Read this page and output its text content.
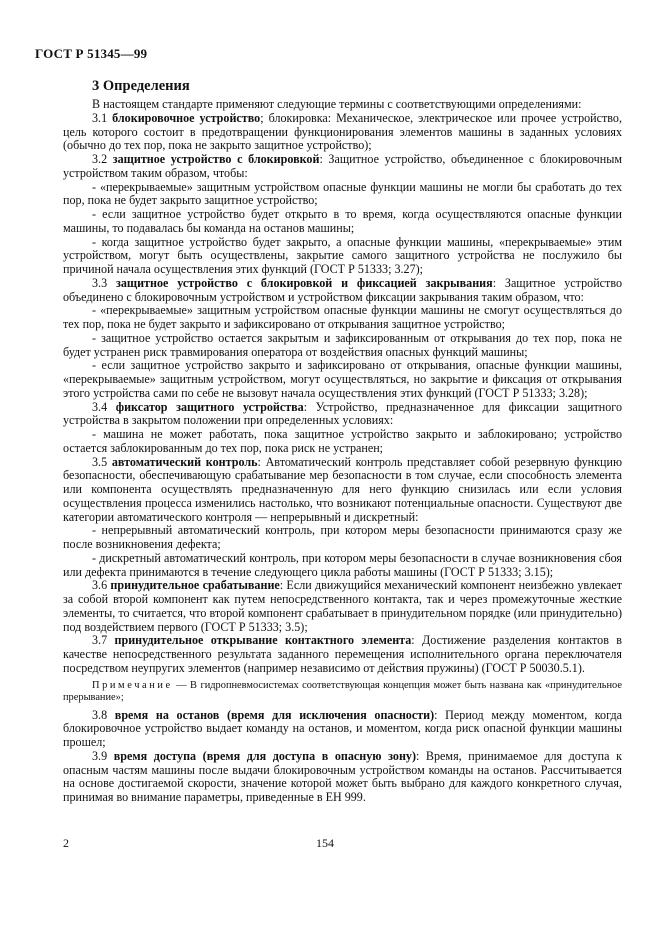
ГОСТ Р 51345—99
3 Определения

В настоящем стандарте применяют следующие термины с соответствующими определениями:

3.1 блокировочное устройство; блокировка: Механическое, электрическое или прочее устройство, цель которого состоит в предотвращении функционирования элементов машины в заданных условиях (обычно до тех пор, пока не закрыто защитное устройство);

3.2 защитное устройство с блокировкой: Защитное устройство, объединенное с блокировочным устройством таким образом, чтобы:

- «перекрываемые» защитным устройством опасные функции машины не могли бы сработать до тех пор, пока не будет закрыто защитное устройство;

- если защитное устройство будет открыто в то время, когда осуществляются опасные функции машины, то подавалась бы команда на останов машины;

- когда защитное устройство будет закрыто, а опасные функции машины, «перекрываемые» этим устройством, могут быть осуществлены, закрытие самого защитного устройства не послужило бы причиной начала осуществления этих функций (ГОСТ Р 51333; 3.27);

3.3 защитное устройство с блокировкой и фиксацией закрывания: Защитное устройство объединено с блокировочным устройством и устройством фиксации закрывания таким образом, что:

- «перекрываемые» защитным устройством опасные функции машины не смогут осуществляться до тех пор, пока не будет закрыто и зафиксировано от открывания защитное устройство;

- защитное устройство остается закрытым и зафиксированным от открывания до тех пор, пока не будет устранен риск травмирования оператора от воздействия опасных функций машины;

- если защитное устройство закрыто и зафиксировано от открывания, опасные функции машины, «перекрываемые» защитным устройством, могут осуществляться, но закрытие и фиксация от открывания этого устройства сами по себе не вызовут начала осуществления этих функций (ГОСТ Р 51333; 3.28);

3.4 фиксатор защитного устройства: Устройство, предназначенное для фиксации защитного устройства в закрытом положении при определенных условиях:

- машина не может работать, пока защитное устройство закрыто и заблокировано; устройство остается заблокированным до тех пор, пока риск не устранен;

3.5 автоматический контроль: Автоматический контроль представляет собой резервную функцию безопасности, обеспечивающую срабатывание мер безопасности в том случае, если способность элемента или компонента осуществлять предназначенную для него функцию снизилась или если условия осуществления процесса изменились настолько, что возникают потенциальные опасности. Существуют две категории автоматического контроля — непрерывный и дискретный:

- непрерывный автоматический контроль, при котором меры безопасности принимаются сразу же после возникновения дефекта;

- дискретный автоматический контроль, при котором меры безопасности в случае возникновения сбоя или дефекта принимаются в течение следующего цикла работы машины (ГОСТ Р 51333; 3.15);

3.6 принудительное срабатывание: Если движущийся механический компонент неизбежно увлекает за собой второй компонент как путем непосредственного контакта, так и через промежуточные жесткие элементы, то считается, что второй компонент срабатывает в принудительном порядке (или принудительно) под воздействием первого (ГОСТ Р 51333; 3.5);

3.7 принудительное открывание контактного элемента: Достижение разделения контактов в качестве непосредственного результата заданного перемещения исполнительного органа переключателя посредством неупругих элементов (например независимо от действия пружины) (ГОСТ Р 50030.5.1).

Примечание — В гидропневмосистемах соответствующая концепция может быть названа как «принудительное прерывание»;

3.8 время на останов (время для исключения опасности): Период между моментом, когда блокировочное устройство выдает команду на останов, и моментом, когда риск опасной функции машины прошел;

3.9 время доступа (время для доступа в опасную зону): Время, принимаемое для доступа к опасным частям машины после выдачи блокировочным устройством команды на останов. Рассчитывается на основе достигаемой скорости, значение которой может быть выбрано для каждого конкретного случая, принимая во внимание параметры, приведенные в ЕН 999.

2	154
